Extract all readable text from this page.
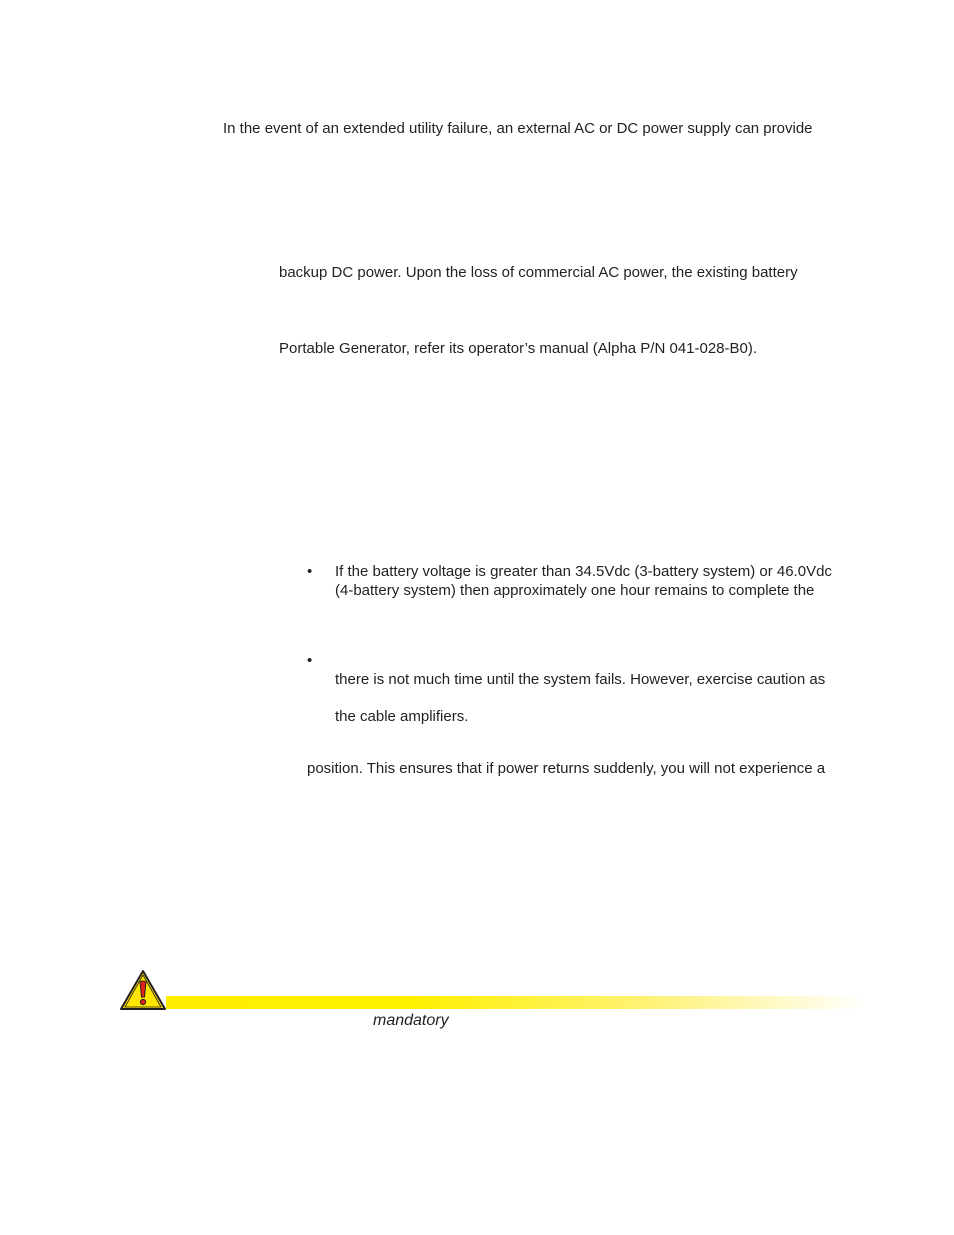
In the event of an extended utility failure, an external AC or DC power supply can provide

backup DC power. Upon the loss of commercial AC power, the existing battery

Portable Generator, refer its operator’s manual (Alpha P/N 041-028-B0).

• If the battery voltage is greater than 34.5Vdc (3-battery system) or 46.0Vdc

(4-battery system) then approximately one hour remains to complete the

•

there is not much time until the system fails. However, exercise caution as

the cable amplifiers.

position. This ensures that if power returns suddenly, you will not experience a

mandatory
